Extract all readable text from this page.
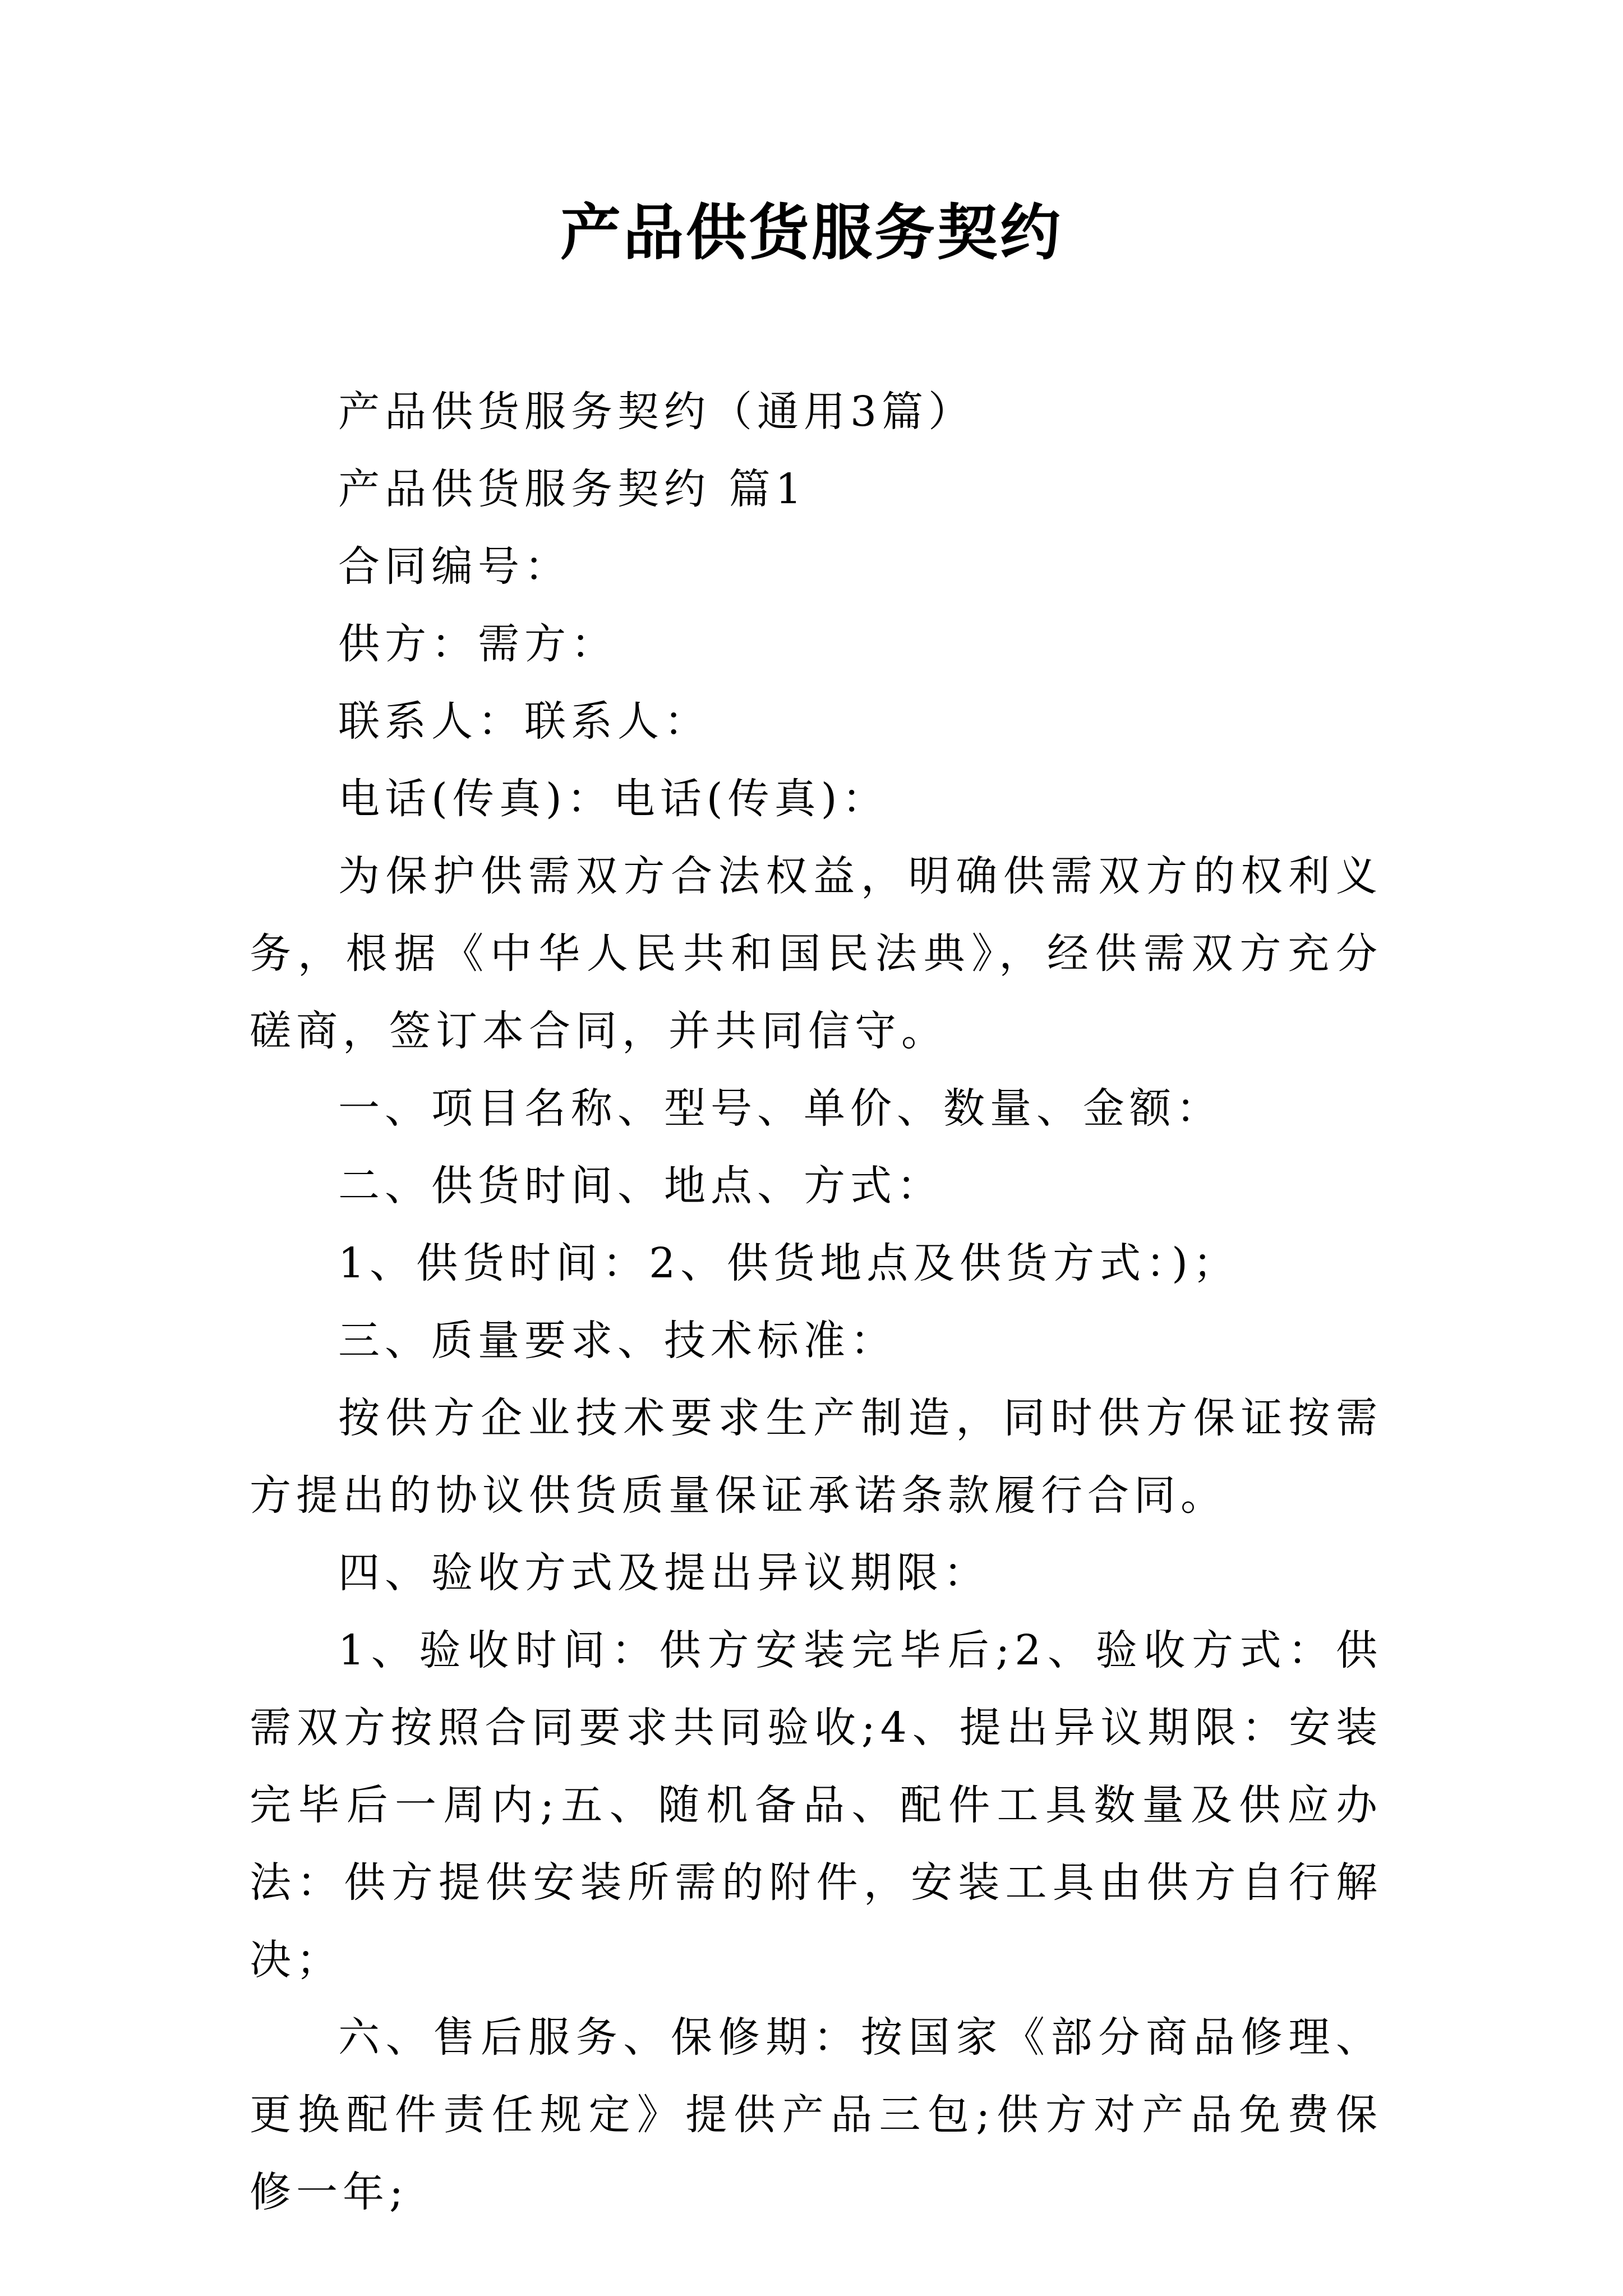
产品供货服务契约

产品供货服务契约（通用3篇）

产品供货服务契约 篇1

合同编号：

供方：需方：

联系人：联系人：

电话(传真)：电话(传真)：

为保护供需双方合法权益，明确供需双方的权利义务，根据《中华人民共和国民法典》，经供需双方充分磋商，签订本合同，并共同信守。

一、项目名称、型号、单价、数量、金额：

二、供货时间、地点、方式：

1、供货时间：2、供货地点及供货方式：)；

三、质量要求、技术标准：

按供方企业技术要求生产制造，同时供方保证按需方提出的协议供货质量保证承诺条款履行合同。

四、验收方式及提出异议期限：

1、验收时间：供方安装完毕后;2、验收方式：供需双方按照合同要求共同验收;4、提出异议期限：安装完毕后一周内;五、随机备品、配件工具数量及供应办法：供方提供安装所需的附件，安装工具由供方自行解决；

六、售后服务、保修期：按国家《部分商品修理、更换配件责任规定》提供产品三包;供方对产品免费保修一年;
